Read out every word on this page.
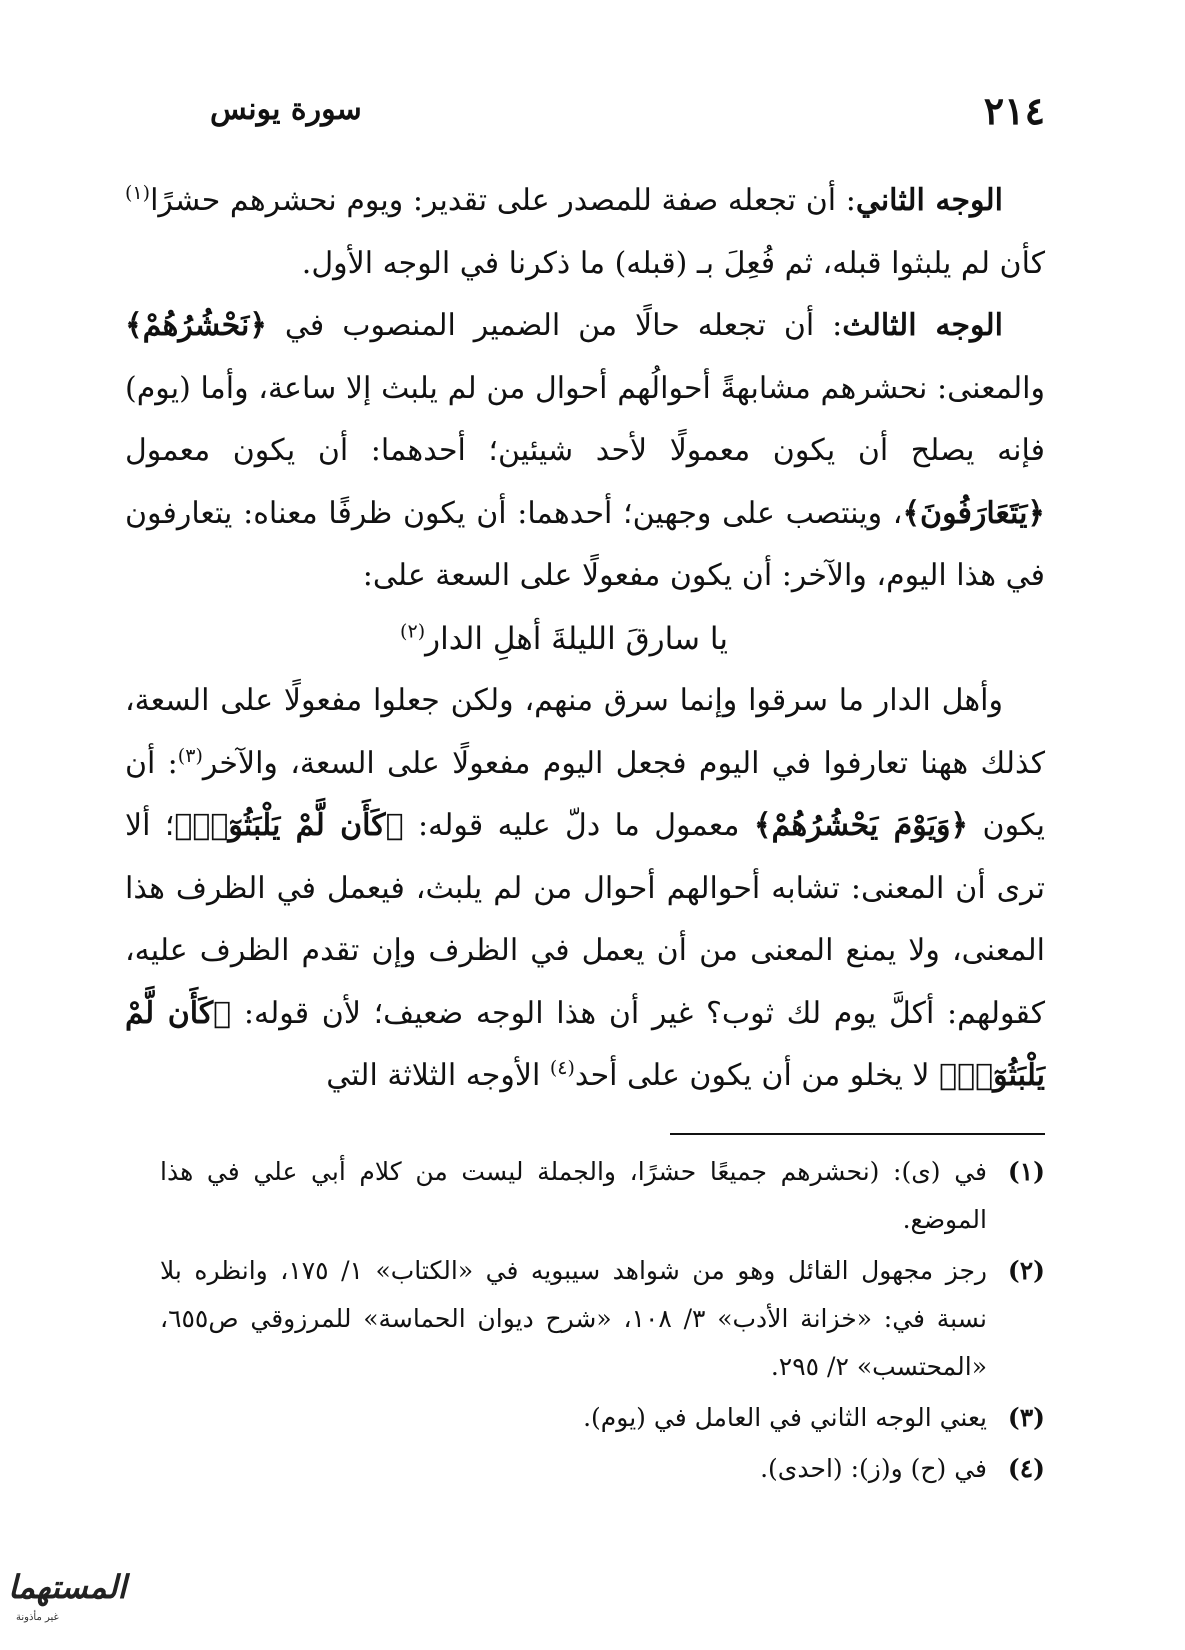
٢١٤
سورة يونس

الوجه الثاني: أن تجعله صفة للمصدر على تقدير: ويوم نحشرهم حشرًا$^{(١)}$ كأن لم يلبثوا قبله، ثم فُعِلَ بـ (قبله) ما ذكرنا في الوجه الأول.

الوجه الثالث: أن تجعله حالًا من الضمير المنصوب في ﴿نَحْشُرُهُمْ﴾ والمعنى: نحشرهم مشابهةً أحوالُهم أحوال من لم يلبث إلا ساعة، وأما (يوم) فإنه يصلح أن يكون معمولًا لأحد شيئين؛ أحدهما: أن يكون معمول ﴿يَتَعَارَفُونَ﴾، وينتصب على وجهين؛ أحدهما: أن يكون ظرفًا معناه: يتعارفون في هذا اليوم، والآخر: أن يكون مفعولًا على السعة على:

يا سارقَ الليلةَ أهلِ الدار$^{(٢)}$

وأهل الدار ما سرقوا وإنما سرق منهم، ولكن جعلوا مفعولًا على السعة، كذلك ههنا تعارفوا في اليوم فجعل اليوم مفعولًا على السعة، والآخر$^{(٣)}$: أن يكون ﴿وَيَوْمَ يَحْشُرُهُمْ﴾ معمول ما دلّ عليه قوله: ﴿كَأَن لَّمْ يَلْبَثُوٓا۟﴾؛ ألا ترى أن المعنى: تشابه أحوالهم أحوال من لم يلبث، فيعمل في الظرف هذا المعنى، ولا يمنع المعنى من أن يعمل في الظرف وإن تقدم الظرف عليه، كقولهم: أكلَّ يوم لك ثوب؟ غير أن هذا الوجه ضعيف؛ لأن قوله: ﴿كَأَن لَّمْ يَلْبَثُوٓا۟﴾ لا يخلو من أن يكون على أحد$^{(٤)}$ الأوجه الثلاثة التي

(١)
في (ى): (نحشرهم جميعًا حشرًا، والجملة ليست من كلام أبي علي في هذا الموضع.
(٢)
رجز مجهول القائل وهو من شواهد سيبويه في «الكتاب» ١/ ١٧٥، وانظره بلا نسبة في: «خزانة الأدب» ٣/ ١٠٨، «شرح ديوان الحماسة» للمرزوقي ص٦٥٥، «المحتسب» ٢/ ٢٩٥.
(٣)
يعني الوجه الثاني في العامل في (يوم).
(٤)
في (ح) و(ز): (احدى).
المستهما
غير مأذونة
